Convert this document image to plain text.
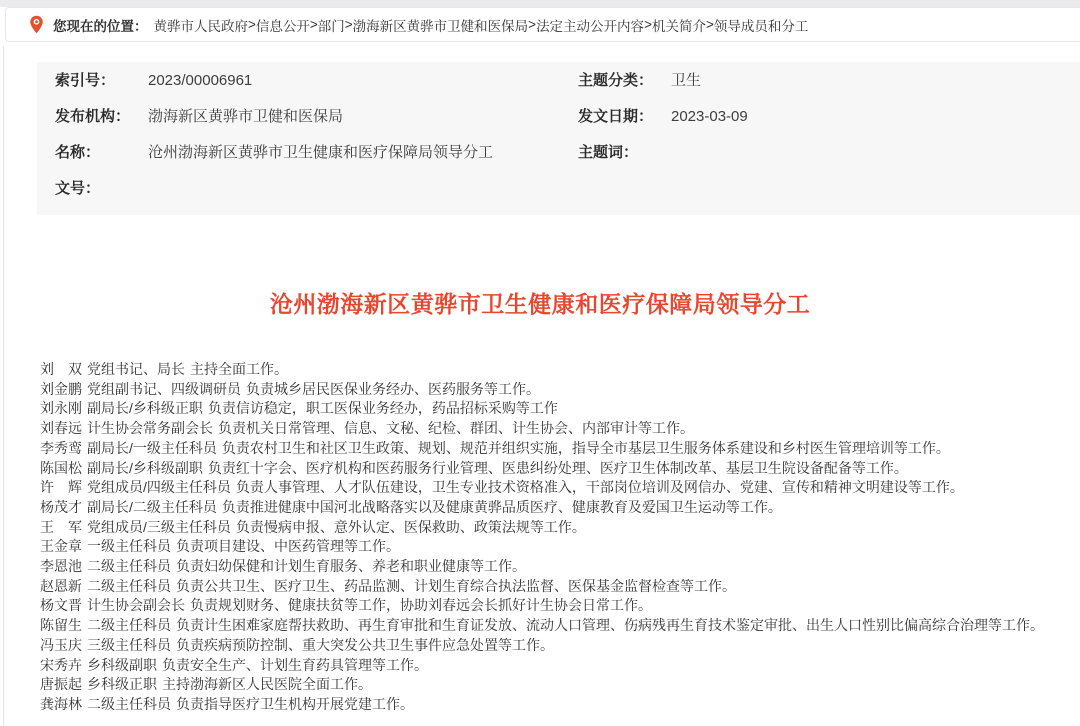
您现在的位置： 黄骅市人民政府 > 信息公开 > 部门 > 渤海新区黄骅市卫健和医保局 > 法定主动公开内容 > 机关简介 > 领导成员和分工
索引号：	2023/00006961	主题分类：	卫生
发布机构：	渤海新区黄骅市卫健和医保局	发文日期：	2023-03-09
名称：	沧州渤海新区黄骅市卫生健康和医疗保障局领导分工	主题词：
文号：
沧州渤海新区黄骅市卫生健康和医疗保障局领导分工
刘　双 党组书记、局长 主持全面工作。
刘金鹏 党组副书记、四级调研员 负责城乡居民医保业务经办、医药服务等工作。
刘永刚 副局长/乡科级正职 负责信访稳定，职工医保业务经办，药品招标采购等工作
刘春远 计生协会常务副会长 负责机关日常管理、信息、文秘、纪检、群团、计生协会、内部审计等工作。
李秀鸾 副局长/一级主任科员 负责农村卫生和社区卫生政策、规划、规范并组织实施，指导全市基层卫生服务体系建设和乡村医生管理培训等工作。
陈国松 副局长/乡科级副职 负责红十字会、医疗机构和医药服务行业管理、医患纠纷处理、医疗卫生体制改革、基层卫生院设备配备等工作。
许　辉 党组成员/四级主任科员 负责人事管理、人才队伍建设，卫生专业技术资格准入，干部岗位培训及网信办、党建、宣传和精神文明建设等工作。
杨茂才 副局长/二级主任科员 负责推进健康中国河北战略落实以及健康黄骅品质医疗、健康教育及爱国卫生运动等工作。
王　军 党组成员/三级主任科员 负责慢病申报、意外认定、医保救助、政策法规等工作。
王金章 一级主任科员 负责项目建设、中医药管理等工作。
李恩池 二级主任科员 负责妇幼保健和计划生育服务、养老和职业健康等工作。
赵恩新 二级主任科员 负责公共卫生、医疗卫生、药品监测、计划生育综合执法监督、医保基金监督检查等工作。
杨文晋 计生协会副会长 负责规划财务、健康扶贫等工作，协助刘春远会长抓好计生协会日常工作。
陈留生 二级主任科员 负责计生困难家庭帮扶救助、再生育审批和生育证发放、流动人口管理、伤病残再生育技术鉴定审批、出生人口性别比偏高综合治理等工作。
冯玉庆 三级主任科员 负责疾病预防控制、重大突发公共卫生事件应急处置等工作。
宋秀卉 乡科级副职 负责安全生产、计划生育药具管理等工作。
唐振起 乡科级正职 主持渤海新区人民医院全面工作。
龚海林 二级主任科员 负责指导医疗卫生机构开展党建工作。
